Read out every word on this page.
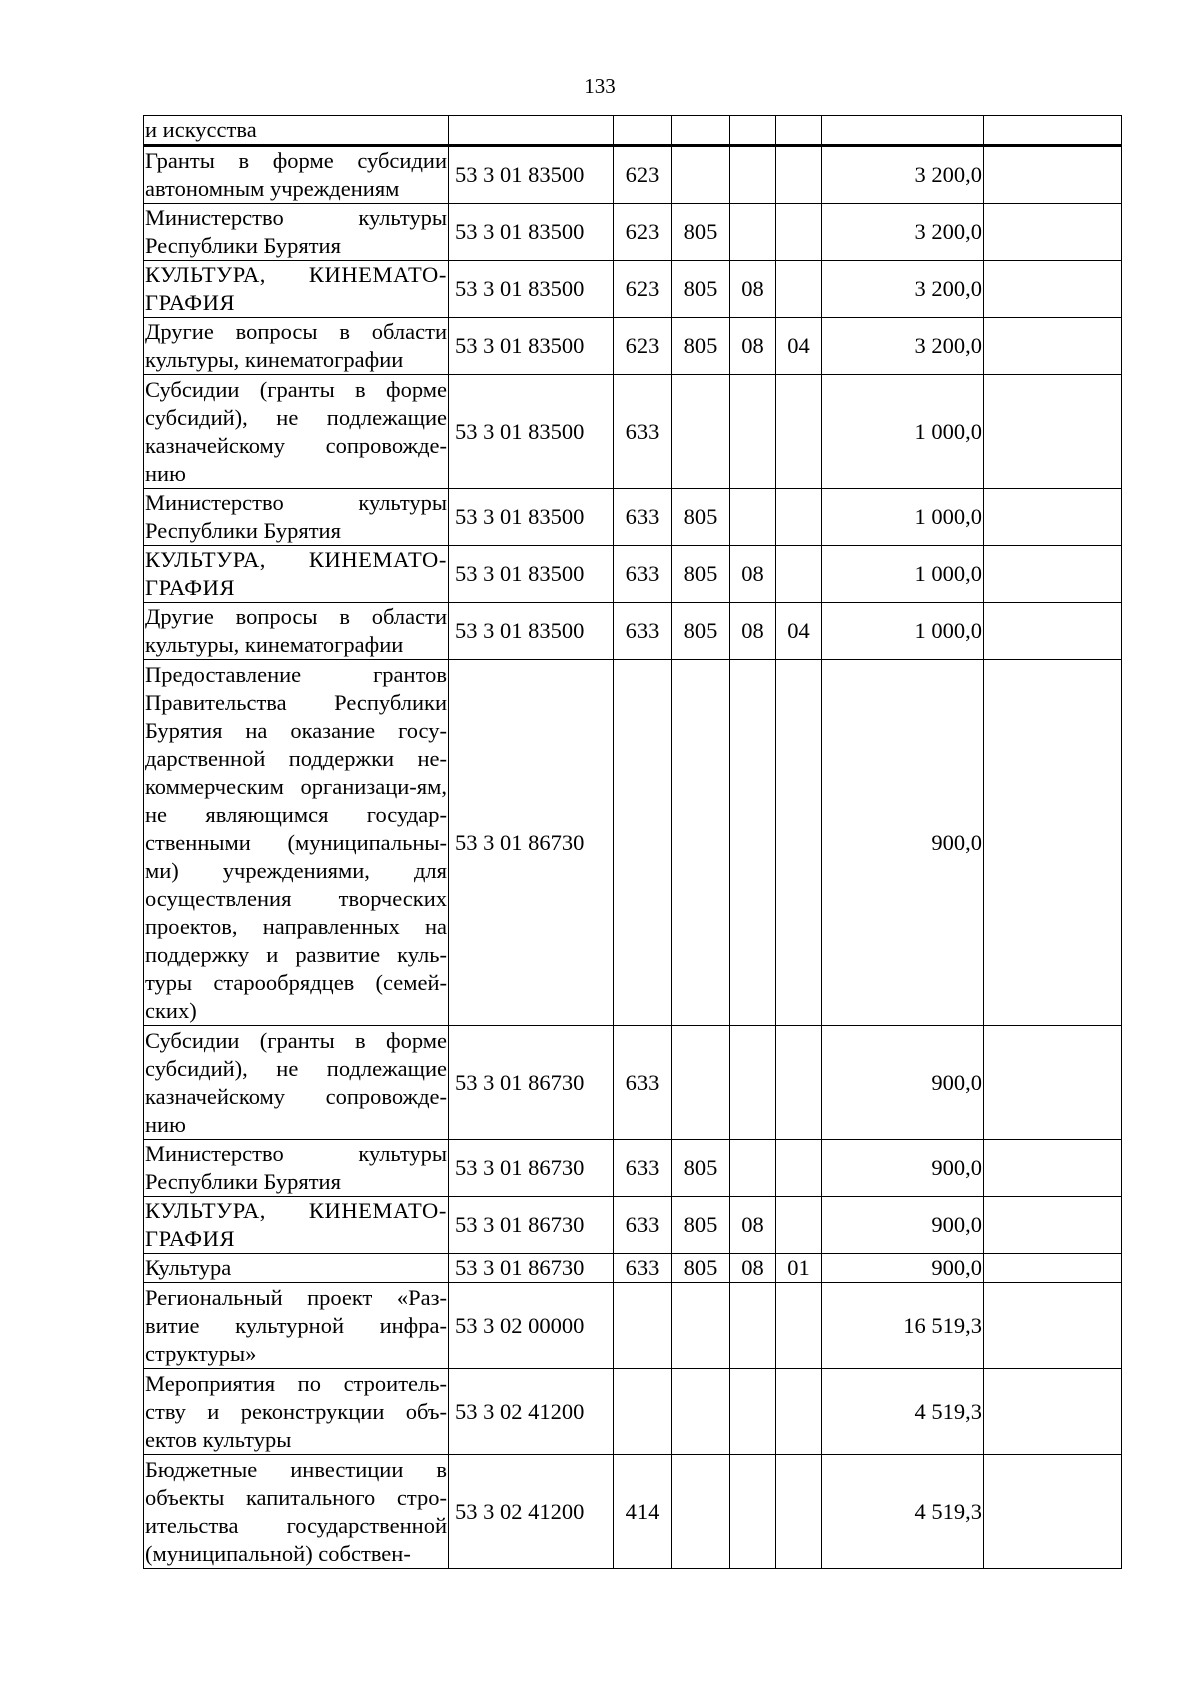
133
и искусства							
Гранты в форме субсидии автономным учреждениям	53 3 01 83500	623				3 200,0	
Министерство культуры Республики Бурятия	53 3 01 83500	623	805			3 200,0	
КУЛЬТУРА, КИНЕМАТО-ГРАФИЯ	53 3 01 83500	623	805	08		3 200,0	
Другие вопросы в области культуры, кинематографии	53 3 01 83500	623	805	08	04	3 200,0	
Субсидии (гранты в форме субсидий), не подлежащие казначейскому сопровожде-нию	53 3 01 83500	633				1 000,0	
Министерство культуры Республики Бурятия	53 3 01 83500	633	805			1 000,0	
КУЛЬТУРА, КИНЕМАТО-ГРАФИЯ	53 3 01 83500	633	805	08		1 000,0	
Другие вопросы в области культуры, кинематографии	53 3 01 83500	633	805	08	04	1 000,0	
Предоставление грантов Правительства Республики Бурятия на оказание госу-дарственной поддержки не-коммерческим организаци-ям, не являющимся государ-ственными (муниципальны-ми) учреждениями, для осуществления творческих проектов, направленных на поддержку и развитие куль-туры старообрядцев (семей-ских)	53 3 01 86730					900,0	
Субсидии (гранты в форме субсидий), не подлежащие казначейскому сопровожде-нию	53 3 01 86730	633				900,0	
Министерство культуры Республики Бурятия	53 3 01 86730	633	805			900,0	
КУЛЬТУРА, КИНЕМАТО-ГРАФИЯ	53 3 01 86730	633	805	08		900,0	
Культура	53 3 01 86730	633	805	08	01	900,0	
Региональный проект «Раз-витие культурной инфра-структуры»	53 3 02 00000					16 519,3	
Мероприятия по строитель-ству и реконструкции объ-ектов культуры	53 3 02 41200					4 519,3	
Бюджетные инвестиции в объекты капитального стро-ительства государственной (муниципальной) собствен-	53 3 02 41200	414				4 519,3	
